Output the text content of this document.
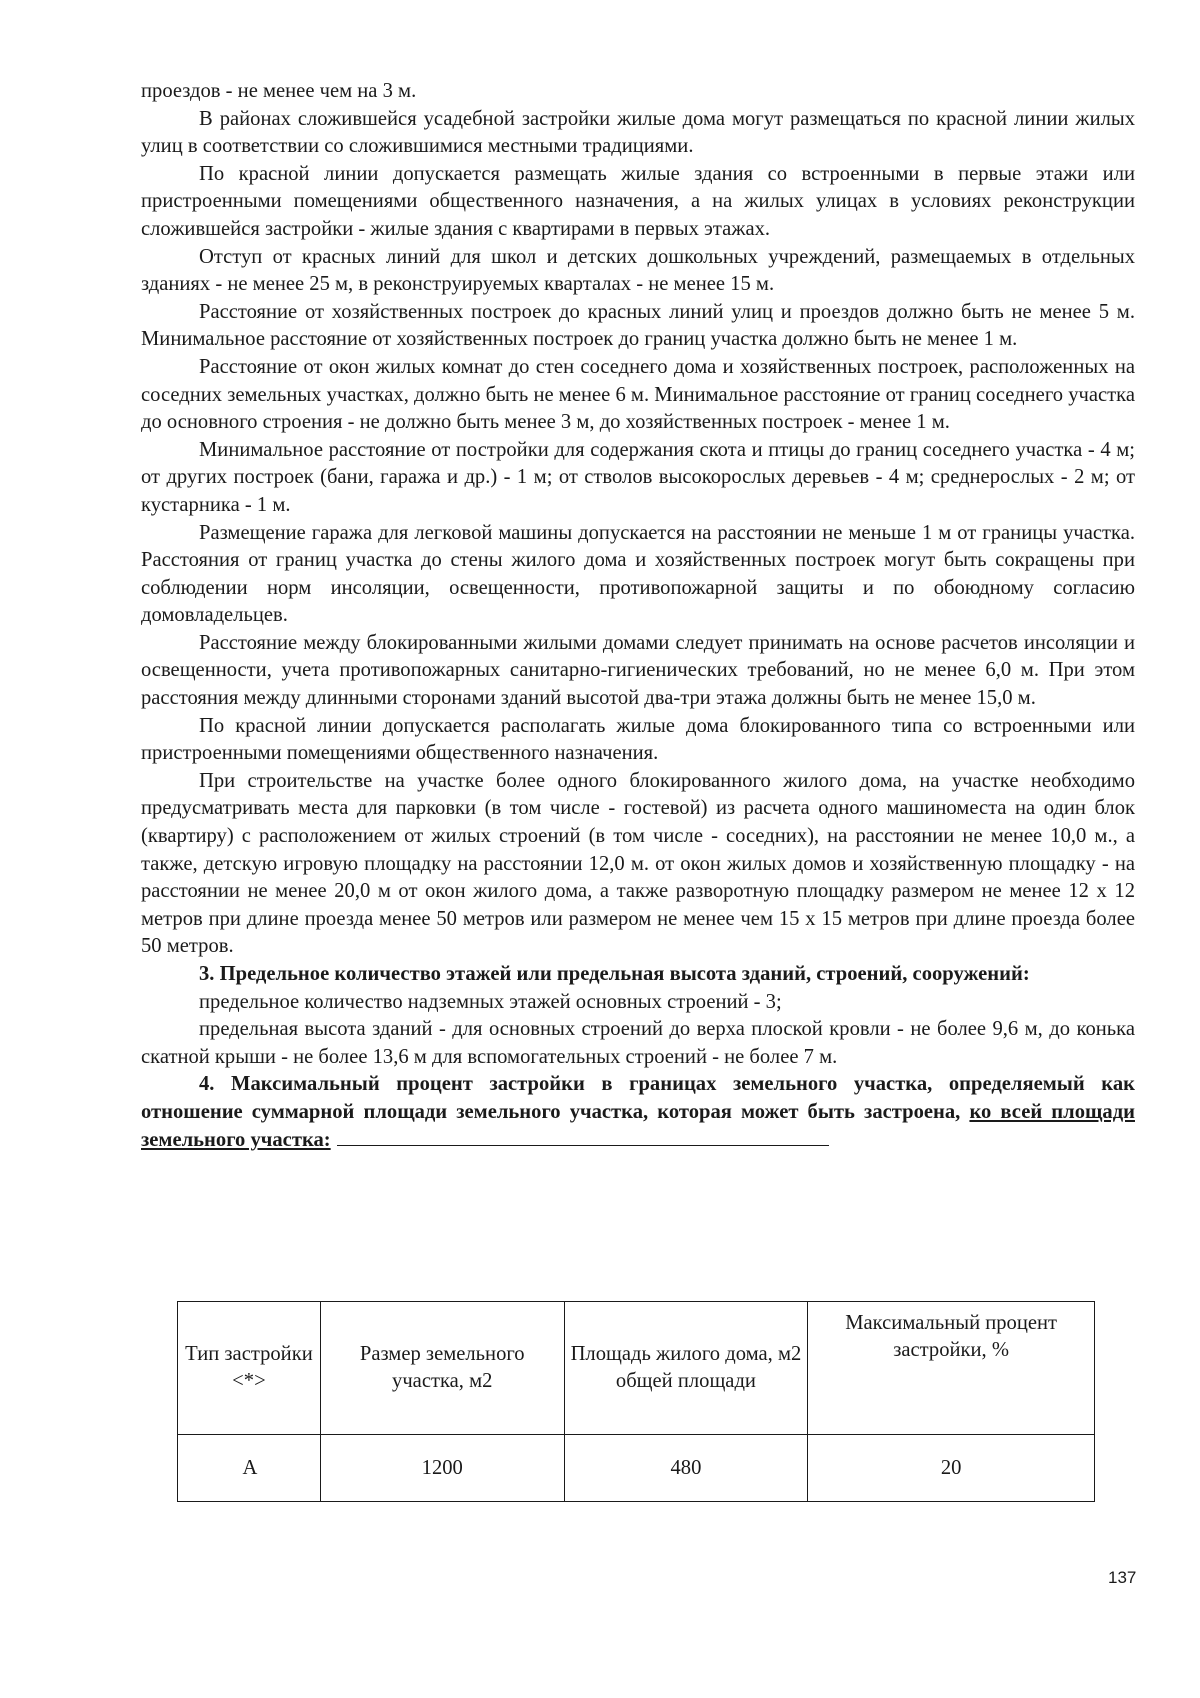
проездов - не менее чем на 3 м.

В районах сложившейся усадебной застройки жилые дома могут размещаться по красной линии жилых улиц в соответствии со сложившимися местными традициями.

По красной линии допускается размещать жилые здания со встроенными в первые этажи или пристроенными помещениями общественного назначения, а на жилых улицах в условиях реконструкции сложившейся застройки - жилые здания с квартирами в первых этажах.

Отступ от красных линий для школ и детских дошкольных учреждений, размещаемых в отдельных зданиях - не менее 25 м, в реконструируемых кварталах - не менее 15 м.

Расстояние от хозяйственных построек до красных линий улиц и проездов должно быть не менее 5 м. Минимальное расстояние от хозяйственных построек до границ участка должно быть не менее 1 м.

Расстояние от окон жилых комнат до стен соседнего дома и хозяйственных построек, расположенных на соседних земельных участках, должно быть не менее 6 м. Минимальное расстояние от границ соседнего участка до основного строения - не должно быть менее 3 м, до хозяйственных построек - менее 1 м.

Минимальное расстояние от постройки для содержания скота и птицы до границ соседнего участка - 4 м; от других построек (бани, гаража и др.) - 1 м; от стволов высокорослых деревьев - 4 м; среднерослых - 2 м; от кустарника - 1 м.

Размещение гаража для легковой машины допускается на расстоянии не меньше 1 м от границы участка. Расстояния от границ участка до стены жилого дома и хозяйственных построек могут быть сокращены при соблюдении норм инсоляции, освещенности, противопожарной защиты и по обоюдному согласию домовладельцев.

Расстояние между блокированными жилыми домами следует принимать на основе расчетов инсоляции и освещенности, учета противопожарных санитарно-гигиенических требований, но не менее 6,0 м. При этом расстояния между длинными сторонами зданий высотой два-три этажа должны быть не менее 15,0 м.

По красной линии допускается располагать жилые дома блокированного типа со встроенными или пристроенными помещениями общественного назначения.

При строительстве на участке более одного блокированного жилого дома, на участке необходимо предусматривать места для парковки (в том числе - гостевой) из расчета одного машиноместа на один блок (квартиру) с расположением от жилых строений (в том числе - соседних), на расстоянии не менее 10,0 м., а также, детскую игровую площадку на расстоянии 12,0 м. от окон жилых домов и хозяйственную площадку - на расстоянии не менее 20,0 м от окон жилого дома, а также разворотную площадку размером не менее 12 х 12 метров при длине проезда менее 50 метров или размером не менее чем 15 х 15 метров при длине проезда более 50 метров.

3. Предельное количество этажей или предельная высота зданий, строений, сооружений:

предельное количество надземных этажей основных строений - 3;

предельная высота зданий - для основных строений до верха плоской кровли - не более 9,6 м, до конька скатной крыши - не более 13,6 м для вспомогательных строений - не более 7 м.

4. Максимальный процент застройки в границах земельного участка, определяемый как отношение суммарной площади земельного участка, которая может быть застроена, ко всей площади земельного участка:

Тип застройки <*>	Размер земельного участка, м2	Площадь жилого дома, м2 общей площади	Максимальный процент застройки, %
А	1200	480	20
137
